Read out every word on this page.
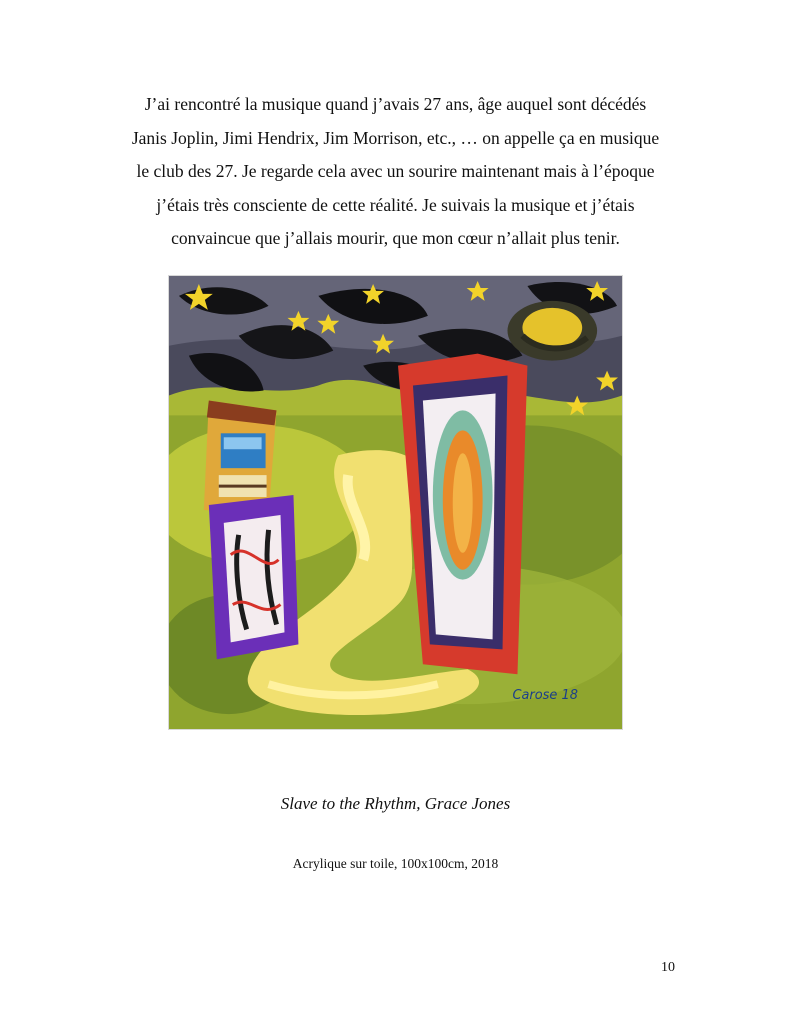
J’ai rencontré la musique quand j’avais 27 ans, âge auquel sont décédés
Janis Joplin, Jimi Hendrix, Jim Morrison, etc., … on appelle ça en musique
le club des 27. Je regarde cela avec un sourire maintenant mais à l’époque
j’étais très consciente de cette réalité. Je suivais la musique et j’étais
convaincue que j’allais mourir, que mon cœur n’allait plus tenir.

Carose 18

Slave to the Rhythm, Grace Jones

Acrylique sur toile, 100x100cm, 2018

10
